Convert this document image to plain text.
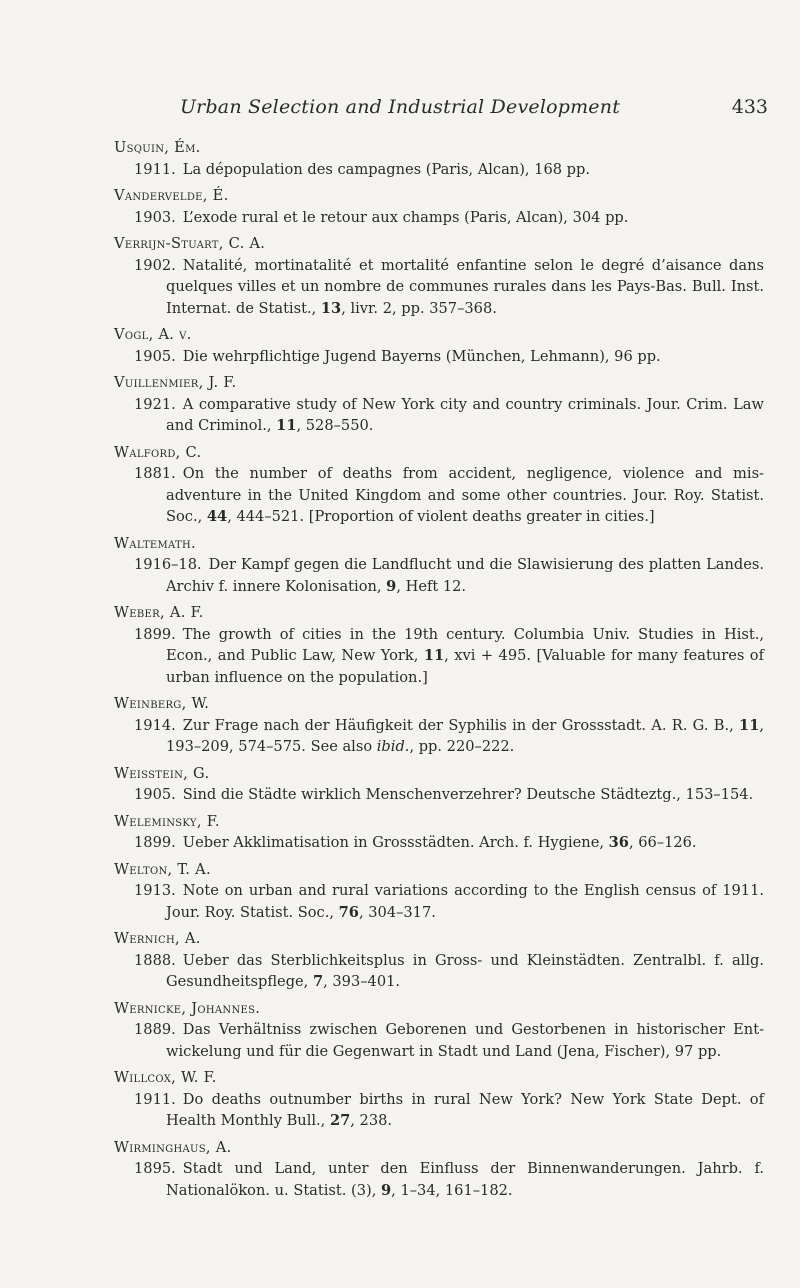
Urban Selection and Industrial Development	433
Usquin, Ém.
1911. La dépopulation des campagnes (Paris, Alcan), 168 pp.
Vandervelde, É.
1903. L’exode rural et le retour aux champs (Paris, Alcan), 304 pp.
Verrijn-Stuart, C. A.
1902. Natalité, mortinatalité et mortalité enfantine selon le degré d’aisance dans quelques villes et un nombre de communes rurales dans les Pays-Bas. Bull. Inst. Internat. de Statist., 13, livr. 2, pp. 357–368.
Vogl, A. v.
1905. Die wehrpflichtige Jugend Bayerns (München, Lehmann), 96 pp.
Vuillenmier, J. F.
1921. A comparative study of New York city and country criminals. Jour. Crim. Law and Criminol., 11, 528–550.
Walford, C.
1881. On the number of deaths from accident, negligence, violence and mis-adventure in the United Kingdom and some other countries. Jour. Roy. Statist. Soc., 44, 444–521. [Proportion of violent deaths greater in cities.]
Waltemath.
1916–18. Der Kampf gegen die Landflucht und die Slawisierung des platten Landes. Archiv f. innere Kolonisation, 9, Heft 12.
Weber, A. F.
1899. The growth of cities in the 19th century. Columbia Univ. Studies in Hist., Econ., and Public Law, New York, 11, xvi + 495. [Valuable for many features of urban influence on the population.]
Weinberg, W.
1914. Zur Frage nach der Häufigkeit der Syphilis in der Grossstadt. A. R. G. B., 11, 193–209, 574–575. See also ibid., pp. 220–222.
Weisstein, G.
1905. Sind die Städte wirklich Menschenverzehrer? Deutsche Städteztg., 153–154.
Weleminsky, F.
1899. Ueber Akklimatisation in Grossstädten. Arch. f. Hygiene, 36, 66–126.
Welton, T. A.
1913. Note on urban and rural variations according to the English census of 1911. Jour. Roy. Statist. Soc., 76, 304–317.
Wernich, A.
1888. Ueber das Sterblichkeitsplus in Gross- und Kleinstädten. Zentralbl. f. allg. Gesundheitspflege, 7, 393–401.
Wernicke, Johannes.
1889. Das Verhältniss zwischen Geborenen und Gestorbenen in historischer Ent-wickelung und für die Gegenwart in Stadt und Land (Jena, Fischer), 97 pp.
Willcox, W. F.
1911. Do deaths outnumber births in rural New York? New York State Dept. of Health Monthly Bull., 27, 238.
Wirminghaus, A.
1895. Stadt und Land, unter den Einfluss der Binnenwanderungen. Jahrb. f. Nationalökon. u. Statist. (3), 9, 1–34, 161–182.
